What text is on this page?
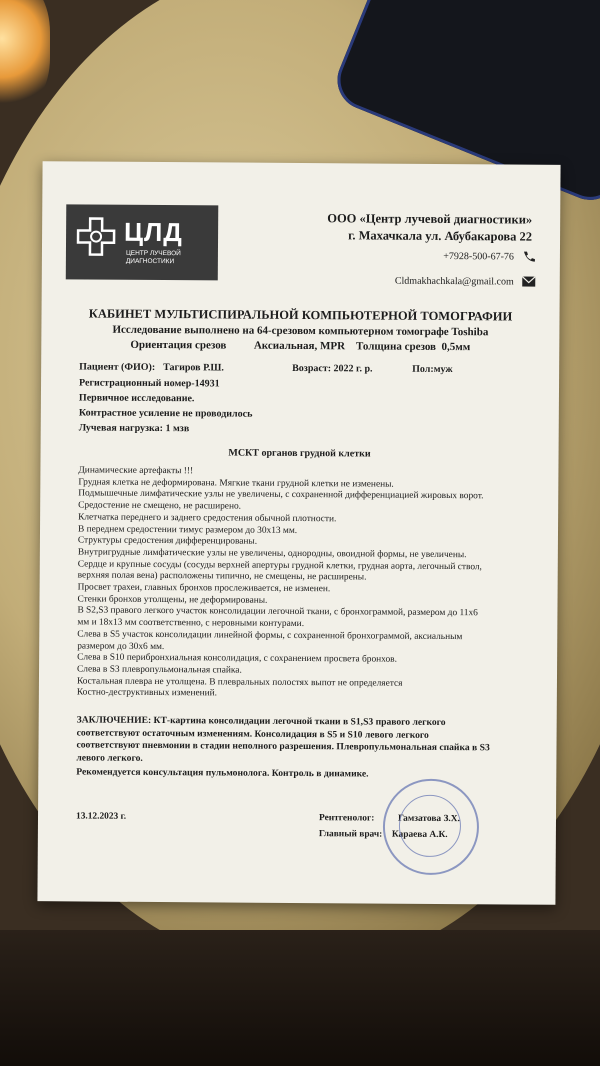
ЦЛД
ЦЕНТР ЛУЧЕВОЙ ДИАГНОСТИКИ
ООО «Центр лучевой диагностики»
г. Махачкала ул. Абубакарова 22
+7928-500-67-76
Cldmakhachkala@gmail.com
КАБИНЕТ МУЛЬТИСПИРАЛЬНОЙ КОМПЬЮТЕРНОЙ ТОМОГРАФИИ
Исследование выполнено на 64-срезовом компьютерном томографе Toshiba
Ориентация срезов          Аксиальная, MPR    Толщина срезов  0,5мм
Пациент (ФИО): Тагиров Р.Ш.	Возраст: 2022 г. р.	Пол:муж
Регистрационный номер-14931
Первичное исследование.
Контрастное усиление не проводилось
Лучевая нагрузка: 1 мзв
МСКТ органов грудной клетки
Динамические артефакты !!!
Грудная клетка не деформирована. Мягкие ткани грудной клетки не изменены.
Подмышечные лимфатические узлы не увеличены, с сохраненной дифференциацией жировых ворот.
Средостение не смещено, не расширено.
Клетчатка переднего и заднего средостения обычной плотности.
В переднем средостении тимус размером до 30х13 мм.
Структуры средостения дифференцированы.
Внутригрудные лимфатические узлы не увеличены, однородны, овоидной формы, не увеличены.
Сердце и крупные сосуды (сосуды верхней апертуры грудной клетки, грудная аорта, легочный ствол,
верхняя полая вена) расположены типично, не смещены, не расширены.
Просвет трахеи, главных бронхов прослеживается, не изменен.
Стенки бронхов утолщены, не деформированы.
В S2,S3 правого легкого участок консолидации легочной ткани, с бронхограммой, размером до 11х6
мм и 18х13 мм соответственно, с неровными контурами.
Слева в S5 участок консолидации линейной формы, с сохраненной бронхограммой, аксиальным
размером до 30х6 мм.
Слева в S10 перибронхиальная консолидация, с сохранением просвета бронхов.
Слева в S3 плевропульмональная спайка.
Костальная плевра не утолщена. В плевральных полостях выпот не определяется
Костно-деструктивных изменений.
ЗАКЛЮЧЕНИЕ: КТ-картина консолидации легочной ткани в S1,S3 правого легкого
соответствуют остаточным изменениям. Консолидация в S5 и S10 левого легкого
соответствуют пневмонии в стадии неполного разрешения. Плевропульмональная спайка в S3
левого легкого.
Рекомендуется консультация пульмонолога. Контроль в динамике.
13.12.2023 г.	Рентгенолог:	Гамзатова З.Х.
Главный врач: Караева А.К.
